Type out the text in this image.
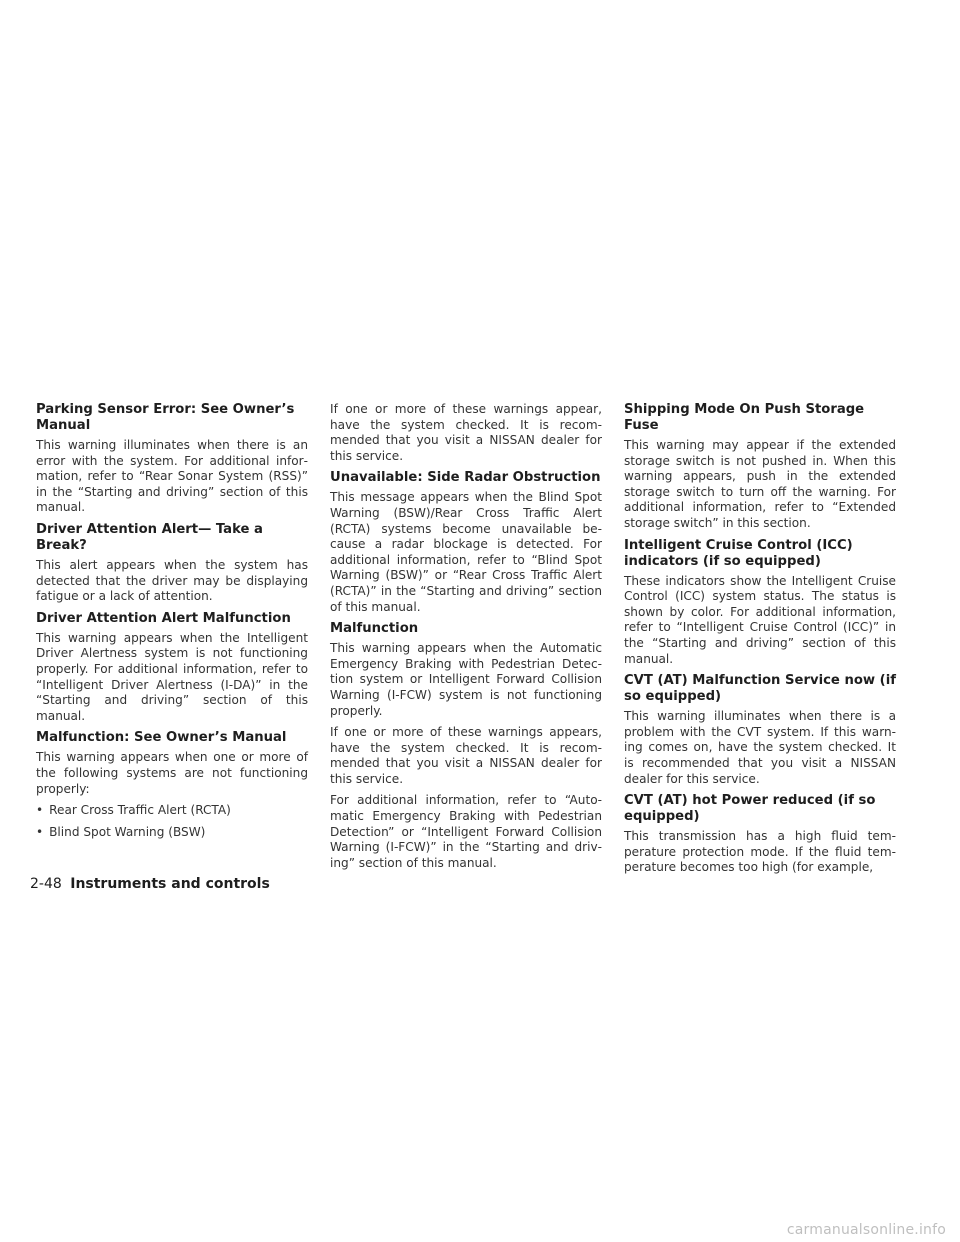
Parking Sensor Error: See Owner’s Manual

This warning illuminates when there is an error with the system. For additional information, refer to “Rear Sonar System (RSS)” in the “Starting and driving” section of this manual.

Driver Attention Alert— Take a Break?

This alert appears when the system has detected that the driver may be displaying fatigue or a lack of attention.

Driver Attention Alert Malfunction

This warning appears when the Intelligent Driver Alertness system is not functioning properly. For additional information, refer to “Intelligent Driver Alertness (I-DA)” in the “Starting and driving” section of this manual.

Malfunction: See Owner’s Manual

This warning appears when one or more of the following systems are not functioning properly:

• Rear Cross Traffic Alert (RCTA)
• Blind Spot Warning (BSW)

If one or more of these warnings appear, have the system checked. It is recommended that you visit a NISSAN dealer for this service.

Unavailable: Side Radar Obstruction

This message appears when the Blind Spot Warning (BSW)/Rear Cross Traffic Alert (RCTA) systems become unavailable because a radar blockage is detected. For additional information, refer to “Blind Spot Warning (BSW)” or “Rear Cross Traffic Alert (RCTA)” in the “Starting and driving” section of this manual.

Malfunction

This warning appears when the Automatic Emergency Braking with Pedestrian Detection system or Intelligent Forward Collision Warning (I-FCW) system is not functioning properly.

If one or more of these warnings appears, have the system checked. It is recommended that you visit a NISSAN dealer for this service.

For additional information, refer to “Automatic Emergency Braking with Pedestrian Detection” or “Intelligent Forward Collision Warning (I-FCW)” in the “Starting and driving” section of this manual.

Shipping Mode On Push Storage Fuse

This warning may appear if the extended storage switch is not pushed in. When this warning appears, push in the extended storage switch to turn off the warning. For additional information, refer to “Extended storage switch” in this section.

Intelligent Cruise Control (ICC) indicators (if so equipped)

These indicators show the Intelligent Cruise Control (ICC) system status. The status is shown by color. For additional information, refer to “Intelligent Cruise Control (ICC)” in the “Starting and driving” section of this manual.

CVT (AT) Malfunction Service now (if so equipped)

This warning illuminates when there is a problem with the CVT system. If this warning comes on, have the system checked. It is recommended that you visit a NISSAN dealer for this service.

CVT (AT) hot Power reduced (if so equipped)

This transmission has a high fluid temperature protection mode. If the fluid temperature becomes too high (for example,

2-48 Instruments and controls
carmanualsonline.info
